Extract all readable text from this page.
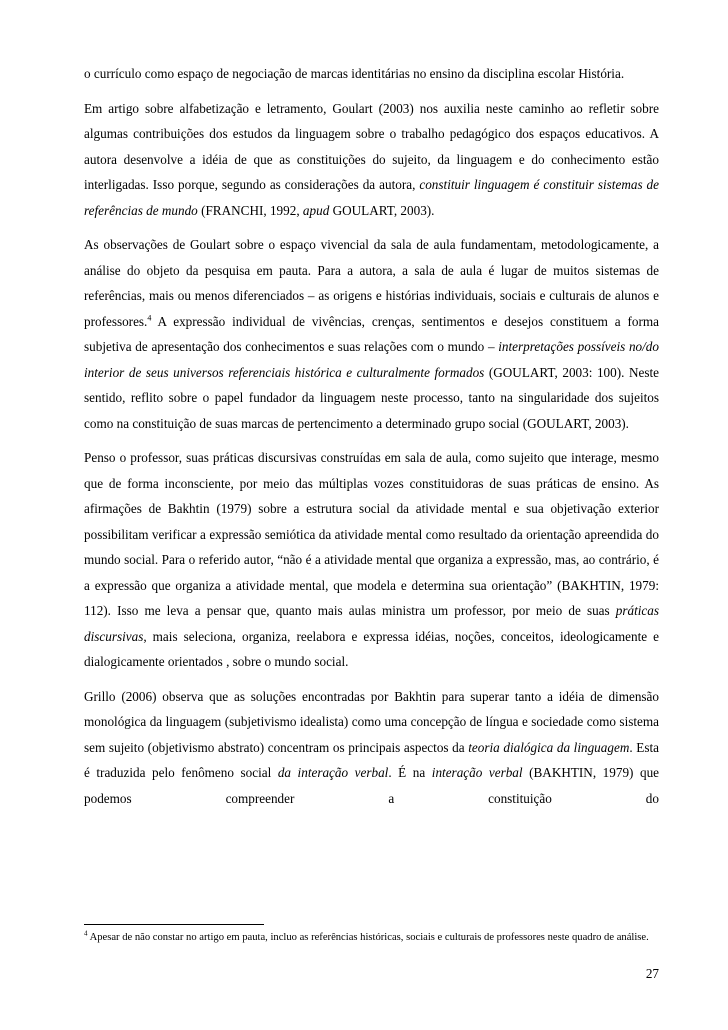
o currículo como espaço de negociação de marcas identitárias no ensino da disciplina escolar História.

Em artigo sobre alfabetização e letramento, Goulart (2003) nos auxilia neste caminho ao refletir sobre algumas contribuições dos estudos da linguagem sobre o trabalho pedagógico dos espaços educativos. A autora desenvolve a idéia de que as constituições do sujeito, da linguagem e do conhecimento estão interligadas. Isso porque, segundo as considerações da autora, constituir linguagem é constituir sistemas de referências de mundo (FRANCHI, 1992, apud GOULART, 2003).

As observações de Goulart sobre o espaço vivencial da sala de aula fundamentam, metodologicamente, a análise do objeto da pesquisa em pauta. Para a autora, a sala de aula é lugar de muitos sistemas de referências, mais ou menos diferenciados – as origens e histórias individuais, sociais e culturais de alunos e professores.$^4$ A expressão individual de vivências, crenças, sentimentos e desejos constituem a forma subjetiva de apresentação dos conhecimentos e suas relações com o mundo – interpretações possíveis no/do interior de seus universos referenciais histórica e culturalmente formados (GOULART, 2003: 100). Neste sentido, reflito sobre o papel fundador da linguagem neste processo, tanto na singularidade dos sujeitos como na constituição de suas marcas de pertencimento a determinado grupo social (GOULART, 2003).

Penso o professor, suas práticas discursivas construídas em sala de aula, como sujeito que interage, mesmo que de forma inconsciente, por meio das múltiplas vozes constituidoras de suas práticas de ensino. As afirmações de Bakhtin (1979) sobre a estrutura social da atividade mental e sua objetivação exterior possibilitam verificar a expressão semiótica da atividade mental como resultado da orientação apreendida do mundo social. Para o referido autor, “não é a atividade mental que organiza a expressão, mas, ao contrário, é a expressão que organiza a atividade mental, que modela e determina sua orientação” (BAKHTIN, 1979: 112). Isso me leva a pensar que, quanto mais aulas ministra um professor, por meio de suas práticas discursivas, mais seleciona, organiza, reelabora e expressa idéias, noções, conceitos, ideologicamente e dialogicamente orientados , sobre o mundo social.

Grillo (2006) observa que as soluções encontradas por Bakhtin para superar tanto a idéia de dimensão monológica da linguagem (subjetivismo idealista) como uma concepção de língua e sociedade como sistema sem sujeito (objetivismo abstrato) concentram os principais aspectos da teoria dialógica da linguagem. Esta é traduzida pelo fenômeno social da interação verbal. É na interação verbal (BAKHTIN, 1979) que podemos compreender a constituição do

$^4$ Apesar de não constar no artigo em pauta, incluo as referências históricas, sociais e culturais de professores neste quadro de análise.
27
